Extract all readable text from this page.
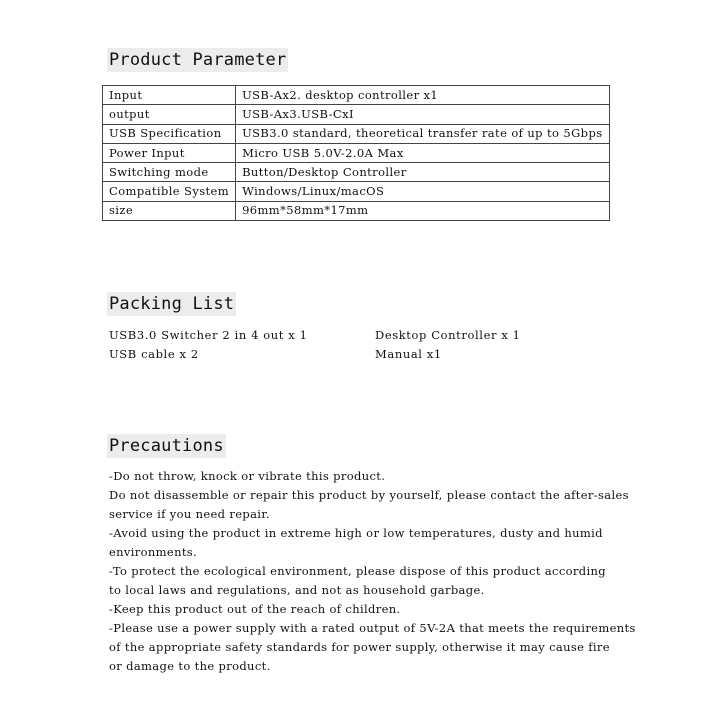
Product Parameter
Input	USB-Ax2. desktop controller x1
output	USB-Ax3.USB-CxI
USB Specification	USB3.0 standard, theoretical transfer rate of up to 5Gbps
Power Input	Micro USB 5.0V-2.0A Max
Switching mode	Button/Desktop Controller
Compatible System	Windows/Linux/macOS
size	96mm*58mm*17mm
Packing List
USB3.0 Switcher 2 in 4 out x 1	Desktop Controller x 1
USB cable x 2	Manual x1
Precautions
-Do not throw, knock or vibrate this product.
Do not disassemble or repair this product by yourself, please contact the after-sales
service if you need repair.
-Avoid using the product in extreme high or low temperatures, dusty and humid
environments.
-To protect the ecological environment, please dispose of this product according
to local laws and regulations, and not as household garbage.
-Keep this product out of the reach of children.
-Please use a power supply with a rated output of 5V-2A that meets the requirements
of the appropriate safety standards for power supply, otherwise it may cause fire
or damage to the product.
